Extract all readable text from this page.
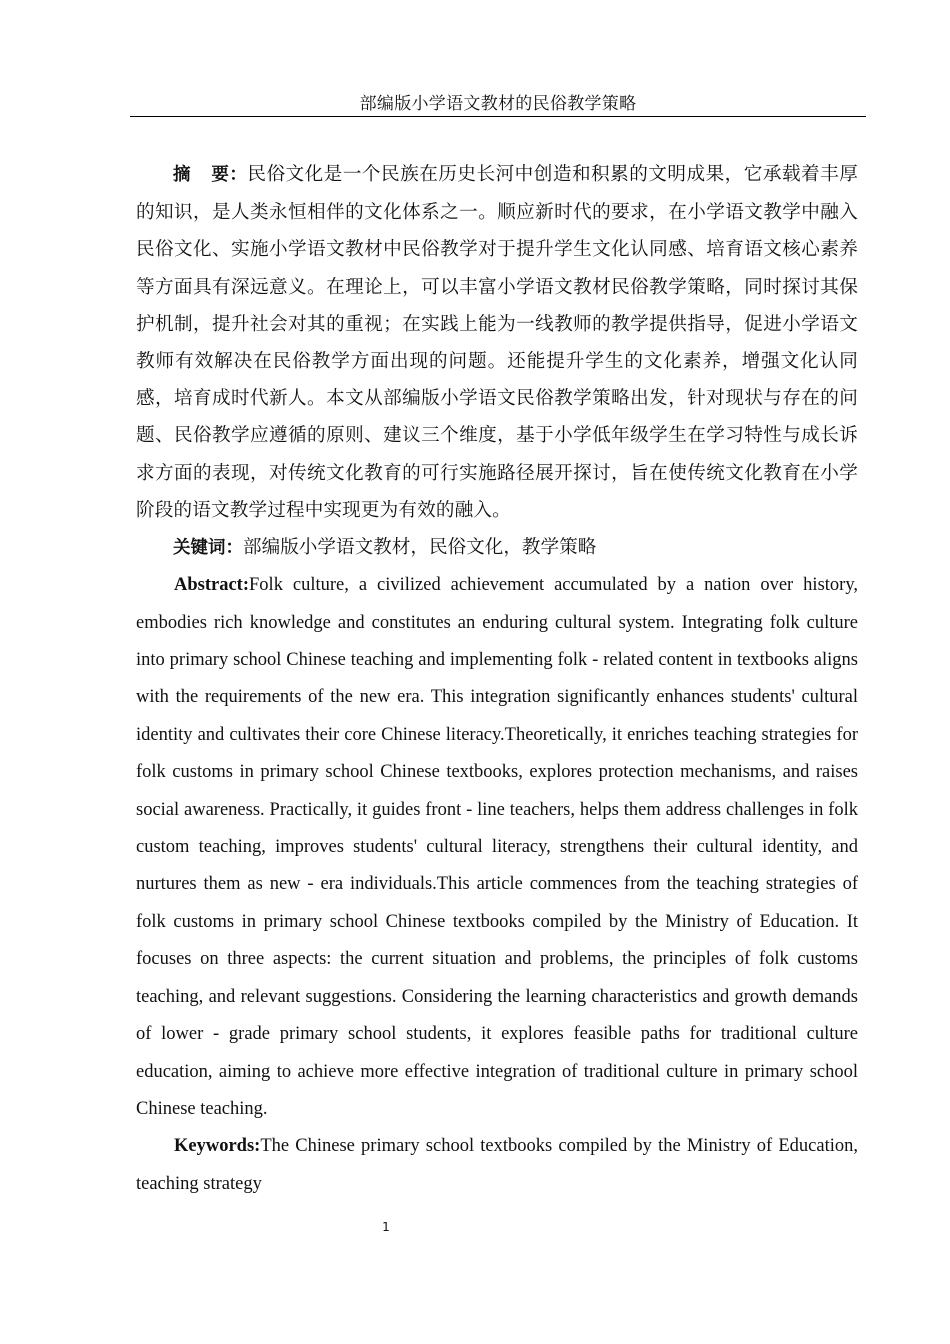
部编版小学语文教材的民俗教学策略

摘 要：民俗文化是一个民族在历史长河中创造和积累的文明成果，它承载着丰厚的知识，是人类永恒相伴的文化体系之一。顺应新时代的要求，在小学语文教学中融入民俗文化、实施小学语文教材中民俗教学对于提升学生文化认同感、培育语文核心素养等方面具有深远意义。在理论上，可以丰富小学语文教材民俗教学策略，同时探讨其保护机制，提升社会对其的重视；在实践上能为一线教师的教学提供指导，促进小学语文教师有效解决在民俗教学方面出现的问题。还能提升学生的文化素养，增强文化认同感，培育成时代新人。本文从部编版小学语文民俗教学策略出发，针对现状与存在的问题、民俗教学应遵循的原则、建议三个维度，基于小学低年级学生在学习特性与成长诉求方面的表现，对传统文化教育的可行实施路径展开探讨，旨在使传统文化教育在小学阶段的语文教学过程中实现更为有效的融入。

关键词：部编版小学语文教材，民俗文化，教学策略

Abstract:Folk culture, a civilized achievement accumulated by a nation over history, embodies rich knowledge and constitutes an enduring cultural system. Integrating folk culture into primary school Chinese teaching and implementing folk - related content in textbooks aligns with the requirements of the new era. This integration significantly enhances students' cultural identity and cultivates their core Chinese literacy.Theoretically, it enriches teaching strategies for folk customs in primary school Chinese textbooks, explores protection mechanisms, and raises social awareness. Practically, it guides front - line teachers, helps them address challenges in folk custom teaching, improves students' cultural literacy, strengthens their cultural identity, and nurtures them as new - era individuals.This article commences from the teaching strategies of folk customs in primary school Chinese textbooks compiled by the Ministry of Education. It focuses on three aspects: the current situation and problems, the principles of folk customs teaching, and relevant suggestions. Considering the learning characteristics and growth demands of lower - grade primary school students, it explores feasible paths for traditional culture education, aiming to achieve more effective integration of traditional culture in primary school Chinese teaching.

Keywords:The Chinese primary school textbooks compiled by the Ministry of Education, teaching strategy

1
